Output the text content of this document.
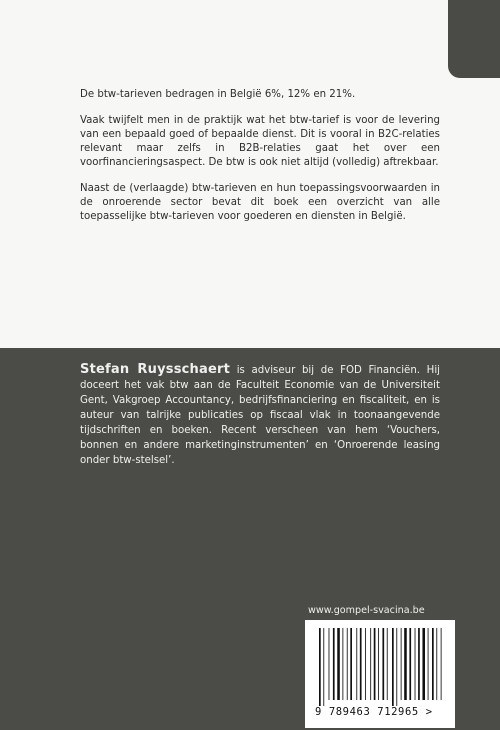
De btw-tarieven bedragen in België 6%, 12% en 21%.

Vaak twijfelt men in de praktijk wat het btw-tarief is voor de levering van een bepaald goed of bepaalde dienst. Dit is vooral in B2C-relaties relevant maar zelfs in B2B-relaties gaat het over een voorfinancieringsaspect. De btw is ook niet altijd (volledig) aftrekbaar.

Naast de (verlaagde) btw-tarieven en hun toepassingsvoorwaarden in de onroerende sector bevat dit boek een overzicht van alle toepasselijke btw-tarieven voor goederen en diensten in België.

Stefan Ruysschaert is adviseur bij de FOD Financiën. Hij doceert het vak btw aan de Faculteit Economie van de Universiteit Gent, Vakgroep Accountancy, bedrijfsfinanciering en fiscaliteit, en is auteur van talrijke publicaties op fiscaal vlak in toonaangevende tijdschriften en boeken. Recent verscheen van hem ‘Vouchers, bonnen en andere marketinginstrumenten’ en ‘Onroerende leasing onder btw-stelsel’.
www.gompel-svacina.be
9 789463 712965 >
